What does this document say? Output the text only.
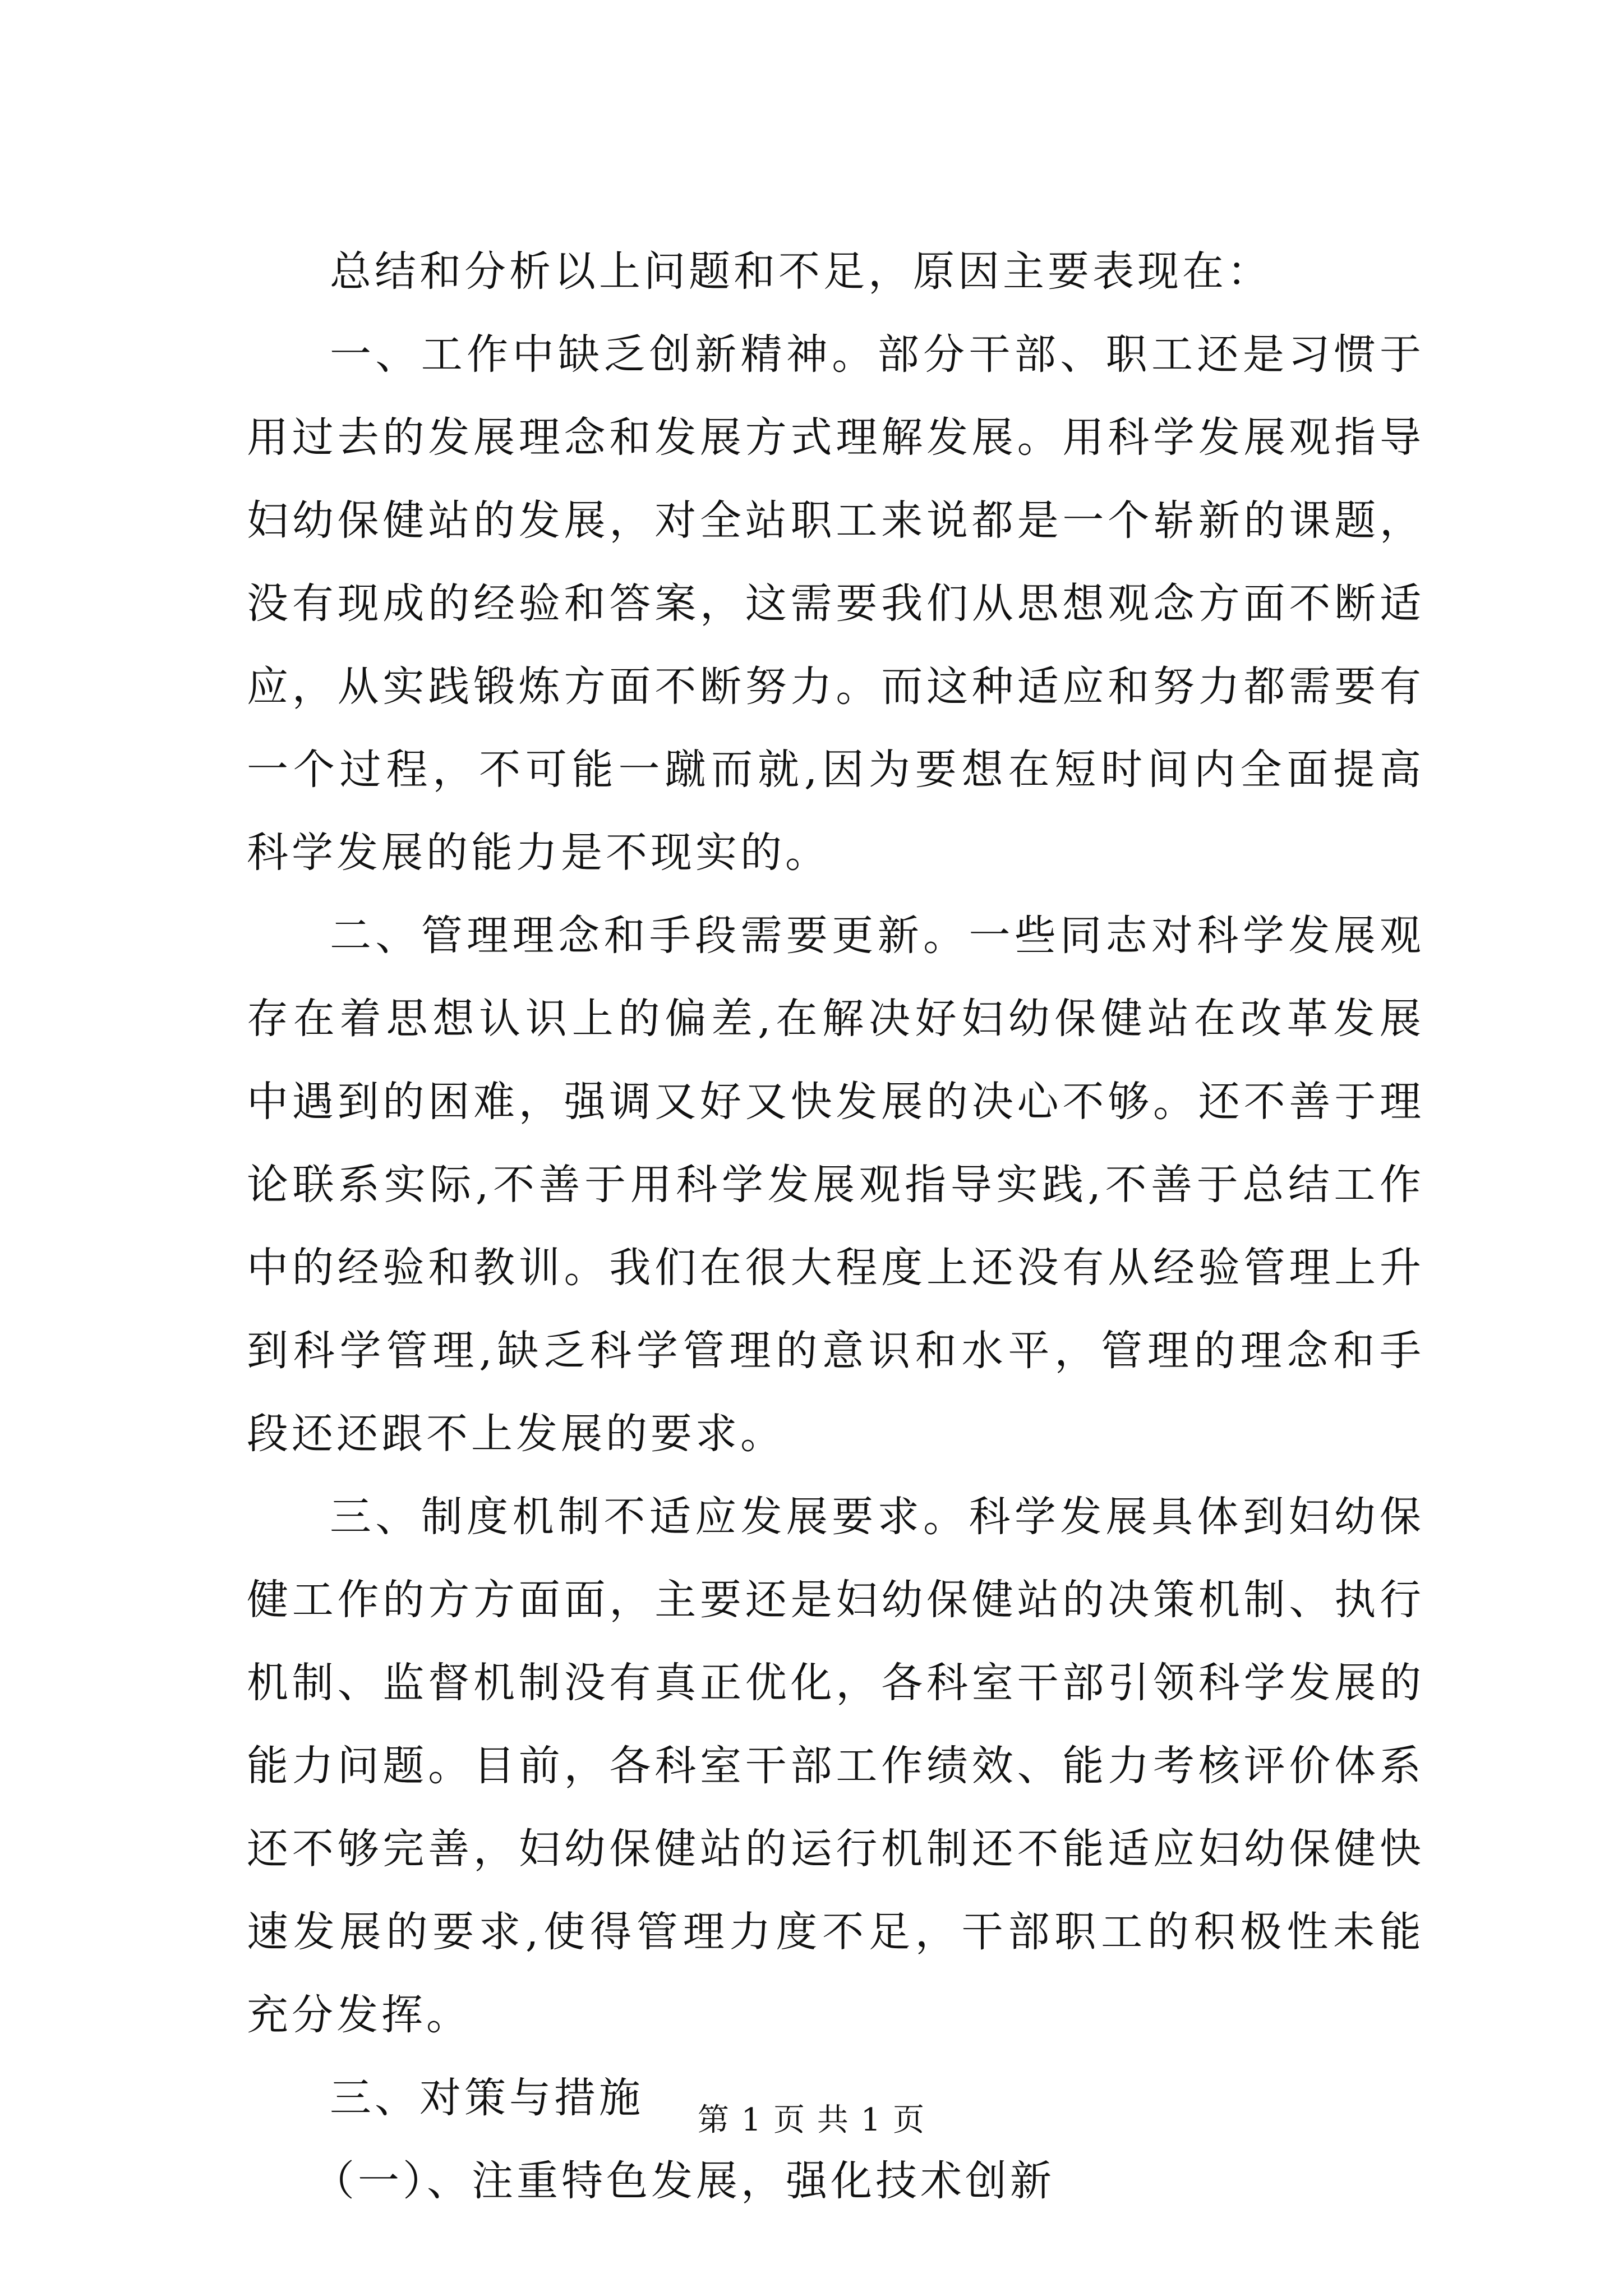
总结和分析以上问题和不足，原因主要表现在：

一、工作中缺乏创新精神。部分干部、职工还是习惯于用过去的发展理念和发展方式理解发展。用科学发展观指导妇幼保健站的发展，对全站职工来说都是一个崭新的课题，没有现成的经验和答案，这需要我们从思想观念方面不断适应，从实践锻炼方面不断努力。而这种适应和努力都需要有一个过程，不可能一蹴而就,因为要想在短时间内全面提高科学发展的能力是不现实的。

二、管理理念和手段需要更新。一些同志对科学发展观存在着思想认识上的偏差,在解决好妇幼保健站在改革发展中遇到的困难，强调又好又快发展的决心不够。还不善于理论联系实际,不善于用科学发展观指导实践,不善于总结工作中的经验和教训。我们在很大程度上还没有从经验管理上升到科学管理,缺乏科学管理的意识和水平，管理的理念和手段还还跟不上发展的要求。

三、制度机制不适应发展要求。科学发展具体到妇幼保健工作的方方面面，主要还是妇幼保健站的决策机制、执行机制、监督机制没有真正优化，各科室干部引领科学发展的能力问题。目前，各科室干部工作绩效、能力考核评价体系还不够完善，妇幼保健站的运行机制还不能适应妇幼保健快速发展的要求,使得管理力度不足，干部职工的积极性未能充分发挥。

三、对策与措施

（一）、注重特色发展，强化技术创新

第 1 页 共 1 页
